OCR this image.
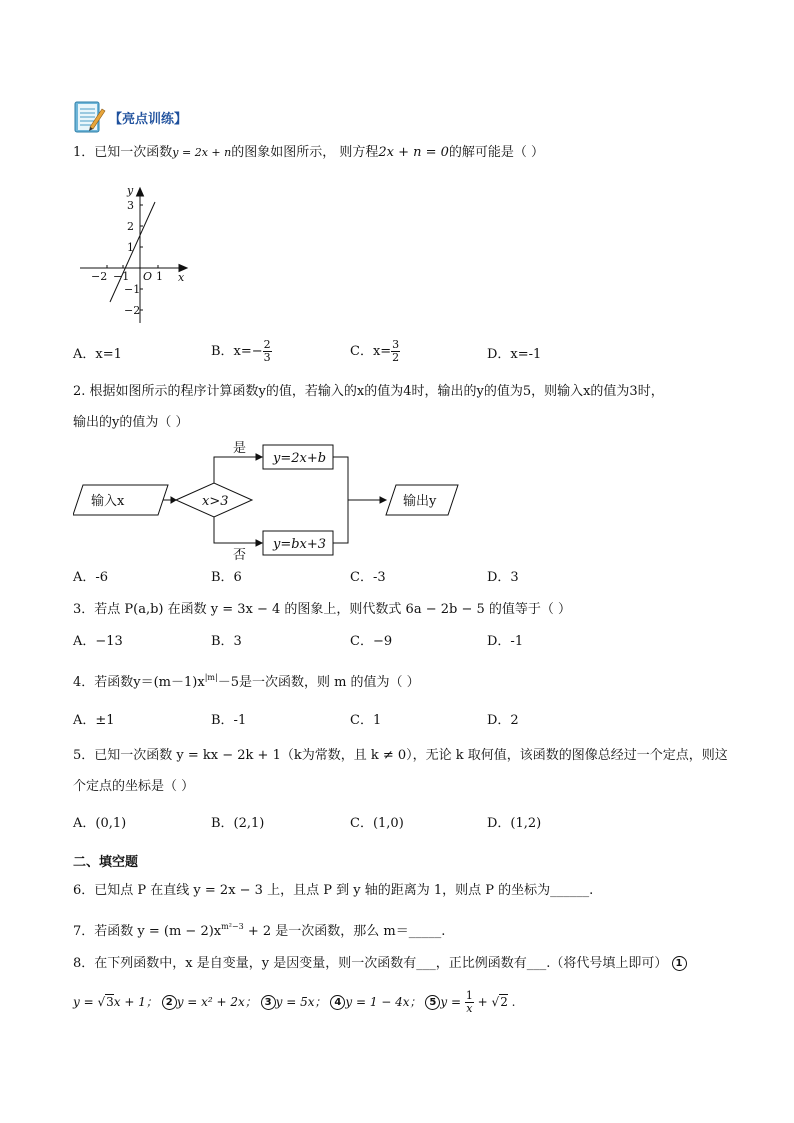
【亮点训练】
1．已知一次函数y = 2x + n的图象如图所示， 则方程2x + n = 0的解可能是（ ）
y
x
O
−2 −1 1
3
2
1
−1
−2
A．x=1	B．$x=- \frac{2}{3}$	C．$x= \frac{3}{2}$	D．x=-1
2. 根据如图所示的程序计算函数y的值，若输入的x的值为4时，输出的y的值为5，则输入x的值为3时，
输出的y的值为（ ）
输入x	x>3
是
否
y=2x+b
y=bx+3
输出y
A．-6	B．6	C．-3	D．3
3．若点 P(a,b) 在函数 y = 3x − 4 的图象上，则代数式 6a − 2b − 5 的值等于（ ）
A．−13	B．3	C．−9	D．-1
4．若函数$y=(m-1)x^{|m|}-5$是一次函数，则 m 的值为（ ）
A．±1	B．-1	C．1	D．2
5．已知一次函数 y = kx − 2k + 1（k为常数，且 k ≠ 0），无论 k 取何值，该函数的图像总经过一个定点，则这
个定点的坐标是（ ）
A．(0,1)	B．(2,1)	C．(1,0)	D．(1,2)
二、填空题
6．已知点 P 在直线 y = 2x − 3 上，且点 P 到 y 轴的距离为 1，则点 P 的坐标为______.
7．若函数 $y = (m - 2)x^{m^2-3} + 2$ 是一次函数，那么 m＝_____.
8．在下列函数中，x 是自变量，y 是因变量，则一次函数有___，正比例函数有___.（将代号填上即可） 1
y = √3x + 1； 2 y = x² + 2x； 3 y = 5x； 4 y = 1 − 4x； 5 $y = \frac{1}{x} + √2$ .
